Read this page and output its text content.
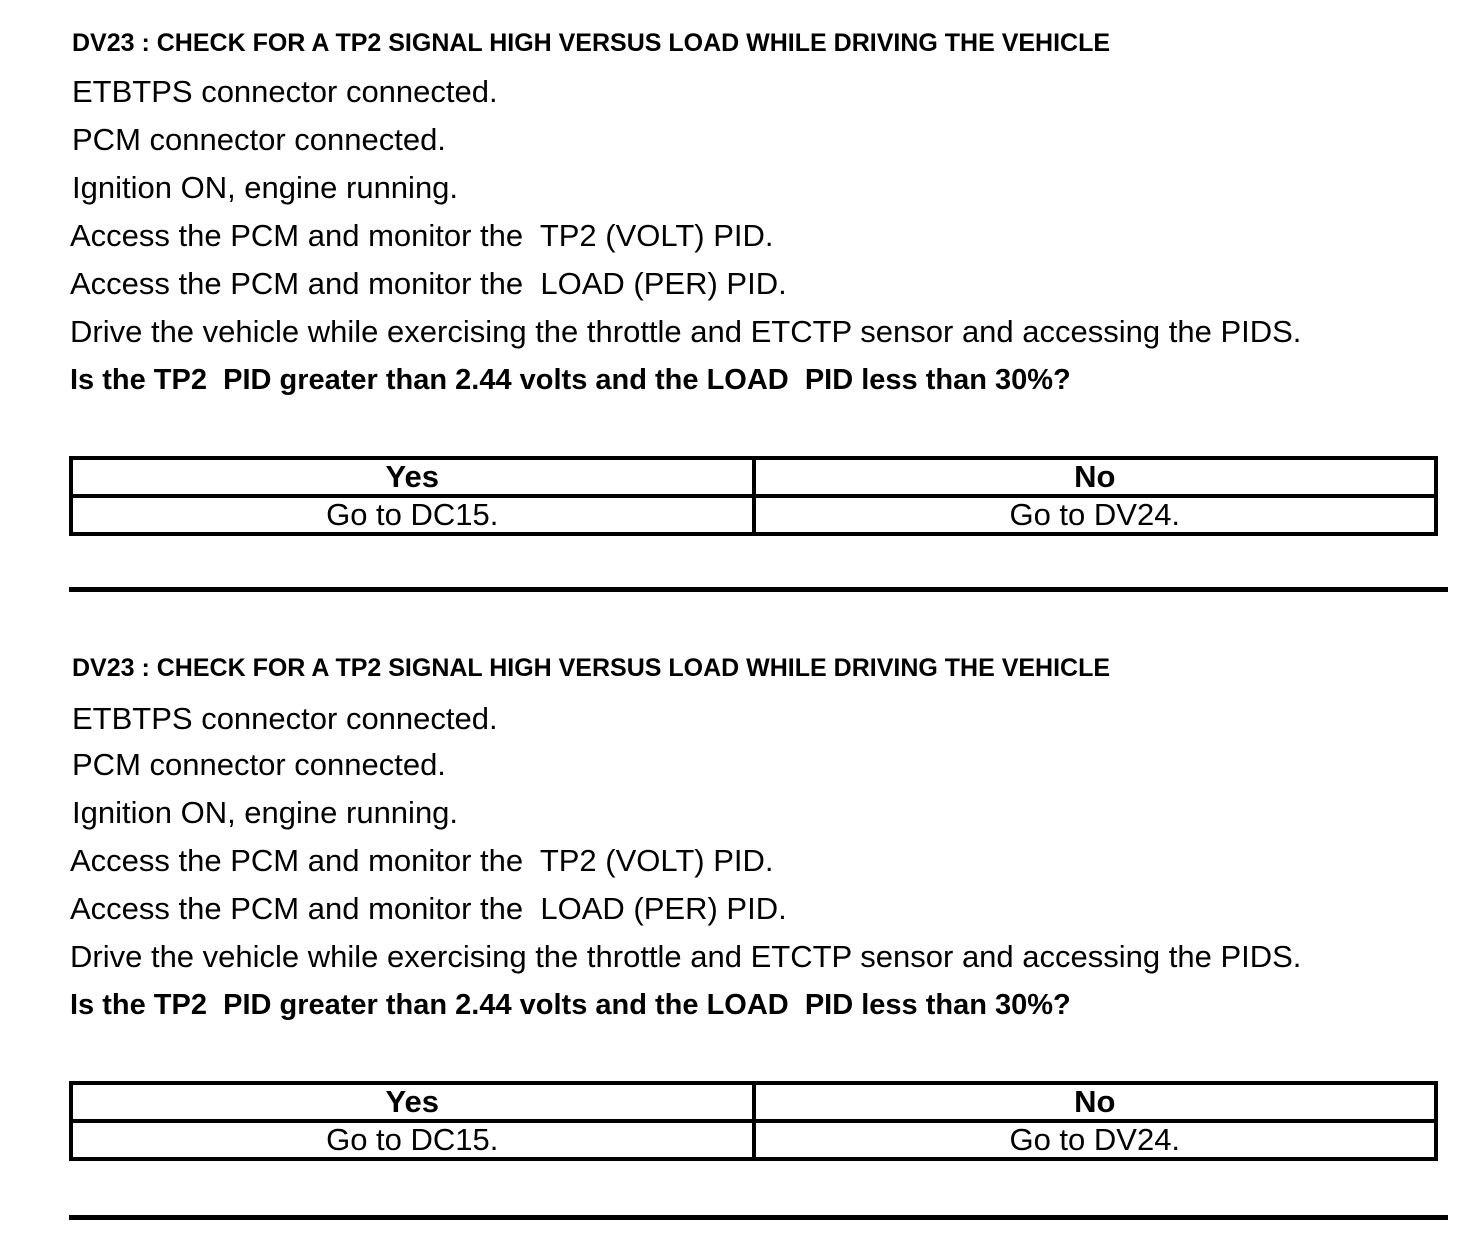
DV23 : CHECK FOR A TP2 SIGNAL HIGH VERSUS LOAD WHILE DRIVING THE VEHICLE
ETBTPS connector connected.
PCM connector connected.
Ignition ON, engine running.
Access the PCM and monitor the  TP2 (VOLT) PID.
Access the PCM and monitor the  LOAD (PER) PID.
Drive the vehicle while exercising the throttle and ETCTP sensor and accessing the PIDS.
Is the TP2  PID greater than 2.44 volts and the LOAD  PID less than 30%?
Yes	No
Go to DC15.	Go to DV24.
DV23 : CHECK FOR A TP2 SIGNAL HIGH VERSUS LOAD WHILE DRIVING THE VEHICLE
ETBTPS connector connected.
PCM connector connected.
Ignition ON, engine running.
Access the PCM and monitor the  TP2 (VOLT) PID.
Access the PCM and monitor the  LOAD (PER) PID.
Drive the vehicle while exercising the throttle and ETCTP sensor and accessing the PIDS.
Is the TP2  PID greater than 2.44 volts and the LOAD  PID less than 30%?
Yes	No
Go to DC15.	Go to DV24.
